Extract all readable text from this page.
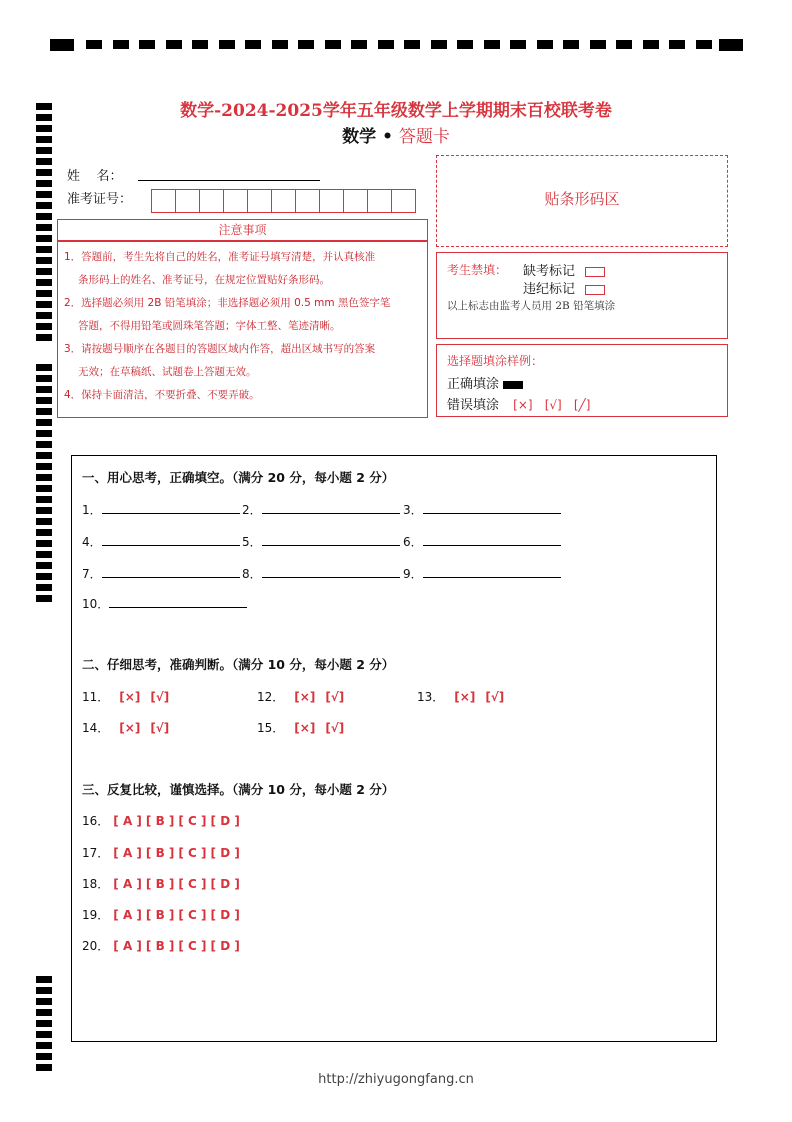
数学-2024-2025学年五年级数学上学期期末百校联考卷
数学 • 答题卡
姓    名：
准考证号：
注意事项
1．答题前，考生先将自己的姓名，准考证号填写清楚，并认真核准
条形码上的姓名、准考证号，在规定位置贴好条形码。
2．选择题必须用 2B 铅笔填涂；非选择题必须用 0.5 mm 黑色签字笔
答题，不得用铅笔或圆珠笔答题；字体工整、笔迹清晰。
3．请按题号顺序在各题目的答题区域内作答，超出区域书写的答案
无效；在草稿纸、试题卷上答题无效。
4．保持卡面清洁，不要折叠、不要弄破。
贴条形码区
考生禁填： 缺考标记
违纪标记
以上标志由监考人员用 2B 铅笔填涂
选择题填涂样例：
正确填涂
错误填涂 [×] [√] [╱]
一、用心思考，正确填空。（满分 20 分，每小题 2 分）
1．	2．	3．
4．	5．	6．
7．	8．	9．
10．
二、仔细思考，准确判断。（满分 10 分，每小题 2 分）
11． [×] [√]	12． [×] [√]	13． [×] [√]
14． [×] [√]	15． [×] [√]
三、反复比较，谨慎选择。（满分 10 分，每小题 2 分）
16． [ A ] [ B ] [ C ] [ D ]
17． [ A ] [ B ] [ C ] [ D ]
18． [ A ] [ B ] [ C ] [ D ]
19． [ A ] [ B ] [ C ] [ D ]
20． [ A ] [ B ] [ C ] [ D ]
http://zhiyugongfang.cn
